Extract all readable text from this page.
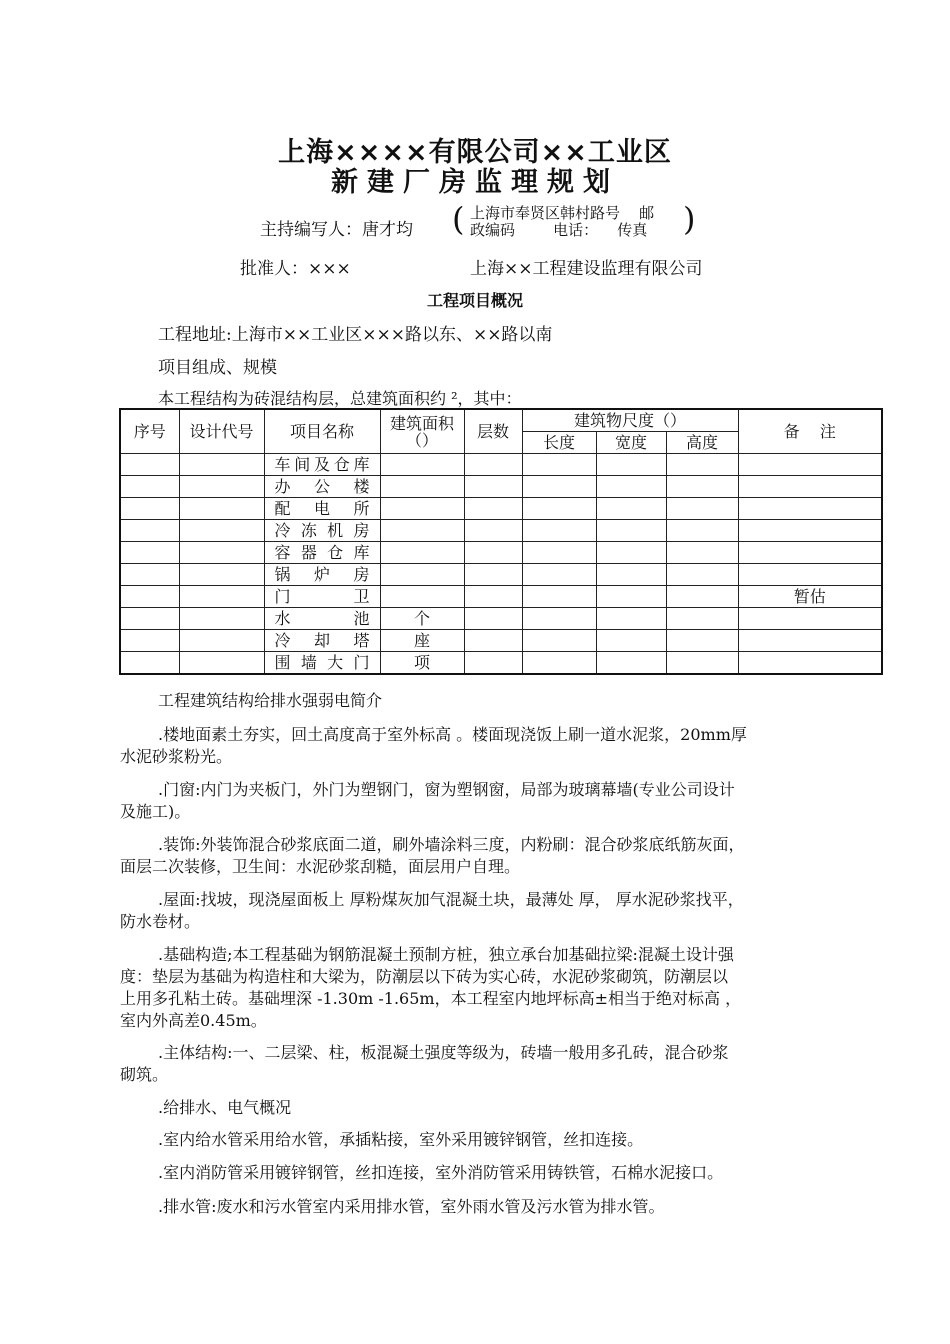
上海××××有限公司××工业区
新建厂房监理规划
主持编写人：唐才均 ( 上海市奉贤区韩村路号    邮
政编码        电话：    传真 )
批准人：×××	上海××工程建设监理有限公司
工程项目概况
工程地址:上海市××工业区×××路以东、××路以南
项目组成、规模
本工程结构为砖混结构层，总建筑面积约 ²，其中：
序号	设计代号	项目名称	建筑面积（）	层数	建筑物尺度（）			备    注
					长度	宽度	高度	
		车间及仓库						
		办公楼						
		配电所						
		冷冻机房						
		容器仓库						
		锅炉房						
		门卫						暂估
		水池	个					
		冷却塔	座					
		围墙大门	项					
工程建筑结构给排水强弱电简介
.楼地面素土夯实，回土高度高于室外标高 。楼面现浇饭上刷一道水泥浆，20mm厚
水泥砂浆粉光。
.门窗:内门为夹板门，外门为塑钢门，窗为塑钢窗，局部为玻璃幕墙(专业公司设计
及施工)。
.装饰:外装饰混合砂浆底面二道，刷外墙涂料三度，内粉刷：混合砂浆底纸筋灰面，
面层二次装修，卫生间：水泥砂浆刮糙，面层用户自理。
.屋面:找坡，现浇屋面板上 厚粉煤灰加气混凝土块，最薄处 厚， 厚水泥砂浆找平，
防水卷材。
.基础构造;本工程基础为钢筋混凝土预制方桩，独立承台加基础拉梁:混凝土设计强
度：垫层为基础为构造柱和大梁为，防潮层以下砖为实心砖，水泥砂浆砌筑，防潮层以
上用多孔粘土砖。基础埋深 -1.30m -1.65m，本工程室内地坪标高±相当于绝对标高 ，
室内外高差0.45m。
.主体结构:一、二层梁、柱，板混凝土强度等级为，砖墙一般用多孔砖，混合砂浆
砌筑。
.给排水、电气概况
.室内给水管采用给水管，承插粘接，室外采用镀锌钢管，丝扣连接。
.室内消防管采用镀锌钢管，丝扣连接，室外消防管采用铸铁管，石棉水泥接口。
.排水管:废水和污水管室内采用排水管，室外雨水管及污水管为排水管。
